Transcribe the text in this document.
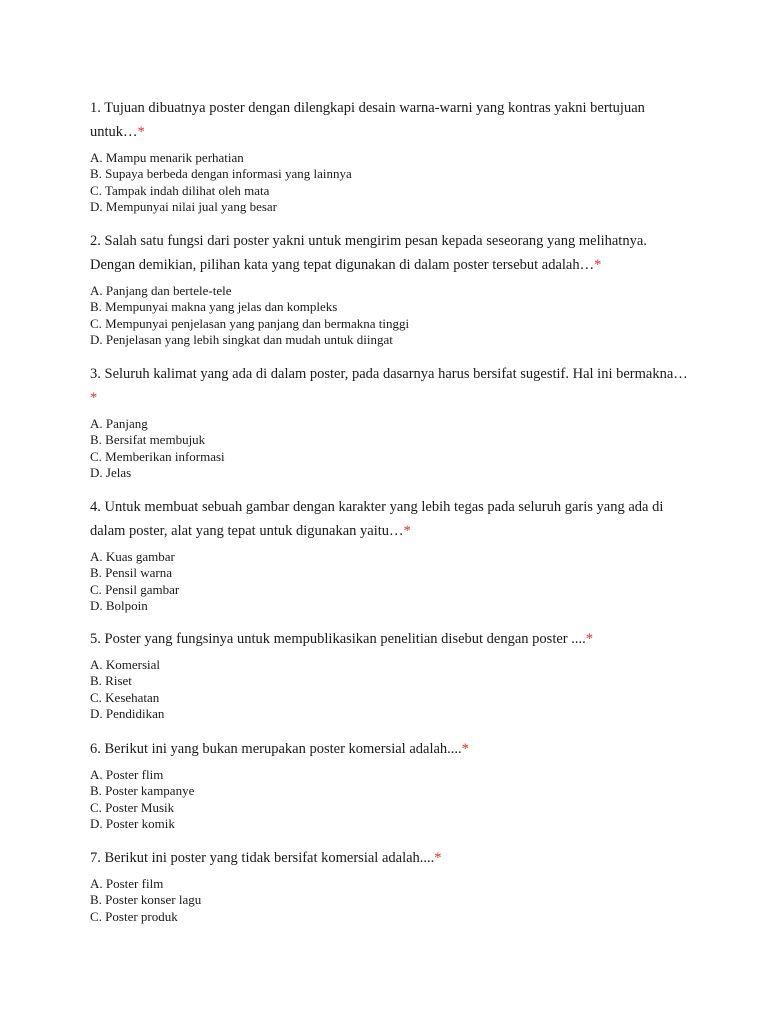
1. Tujuan dibuatnya poster dengan dilengkapi desain warna-warni yang kontras yakni bertujuan untuk…*

A. Mampu menarik perhatian
B. Supaya berbeda dengan informasi yang lainnya
C. Tampak indah dilihat oleh mata
D. Mempunyai nilai jual yang besar

2. Salah satu fungsi dari poster yakni untuk mengirim pesan kepada seseorang yang melihatnya. Dengan demikian, pilihan kata yang tepat digunakan di dalam poster tersebut adalah…*

A. Panjang dan bertele-tele
B. Mempunyai makna yang jelas dan kompleks
C. Mempunyai penjelasan yang panjang dan bermakna tinggi
D. Penjelasan yang lebih singkat dan mudah untuk diingat

3. Seluruh kalimat yang ada di dalam poster, pada dasarnya harus bersifat sugestif. Hal ini bermakna…*

A. Panjang
B. Bersifat membujuk
C. Memberikan informasi
D. Jelas

4. Untuk membuat sebuah gambar dengan karakter yang lebih tegas pada seluruh garis yang ada di dalam poster, alat yang tepat untuk digunakan yaitu…*

A. Kuas gambar
B. Pensil warna
C. Pensil gambar
D. Bolpoin

5. Poster yang fungsinya untuk mempublikasikan penelitian disebut dengan poster ....*

A. Komersial
B. Riset
C. Kesehatan
D. Pendidikan

6. Berikut ini yang bukan merupakan poster komersial adalah....*

A. Poster flim
B. Poster kampanye
C. Poster Musik
D. Poster komik

7. Berikut ini poster yang tidak bersifat komersial adalah....*

A. Poster film
B. Poster konser lagu
C. Poster produk
